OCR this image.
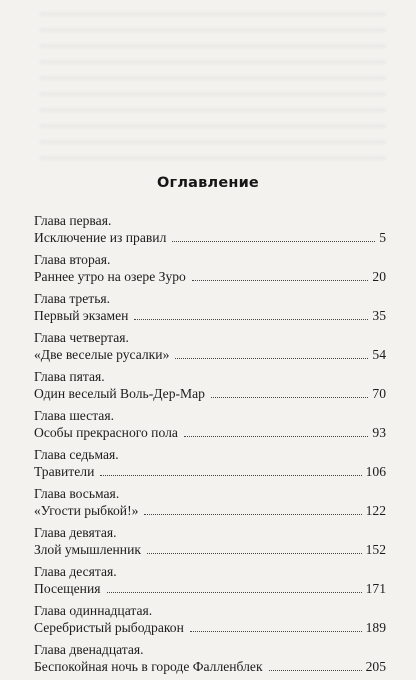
Оглавление
Глава первая.
Исключение из правил	5
Глава вторая.
Раннее утро на озере Зуро	20
Глава третья.
Первый экзамен	35
Глава четвертая.
«Две веселые русалки»	54
Глава пятая.
Один веселый Воль-Дер-Мар	70
Глава шестая.
Особы прекрасного пола	93
Глава седьмая.
Травители	106
Глава восьмая.
«Угости рыбкой!»	122
Глава девятая.
Злой умышленник	152
Глава десятая.
Посещения	171
Глава одиннадцатая.
Серебристый рыбодракон	189
Глава двенадцатая.
Беспокойная ночь в городе Фалленблек	205
